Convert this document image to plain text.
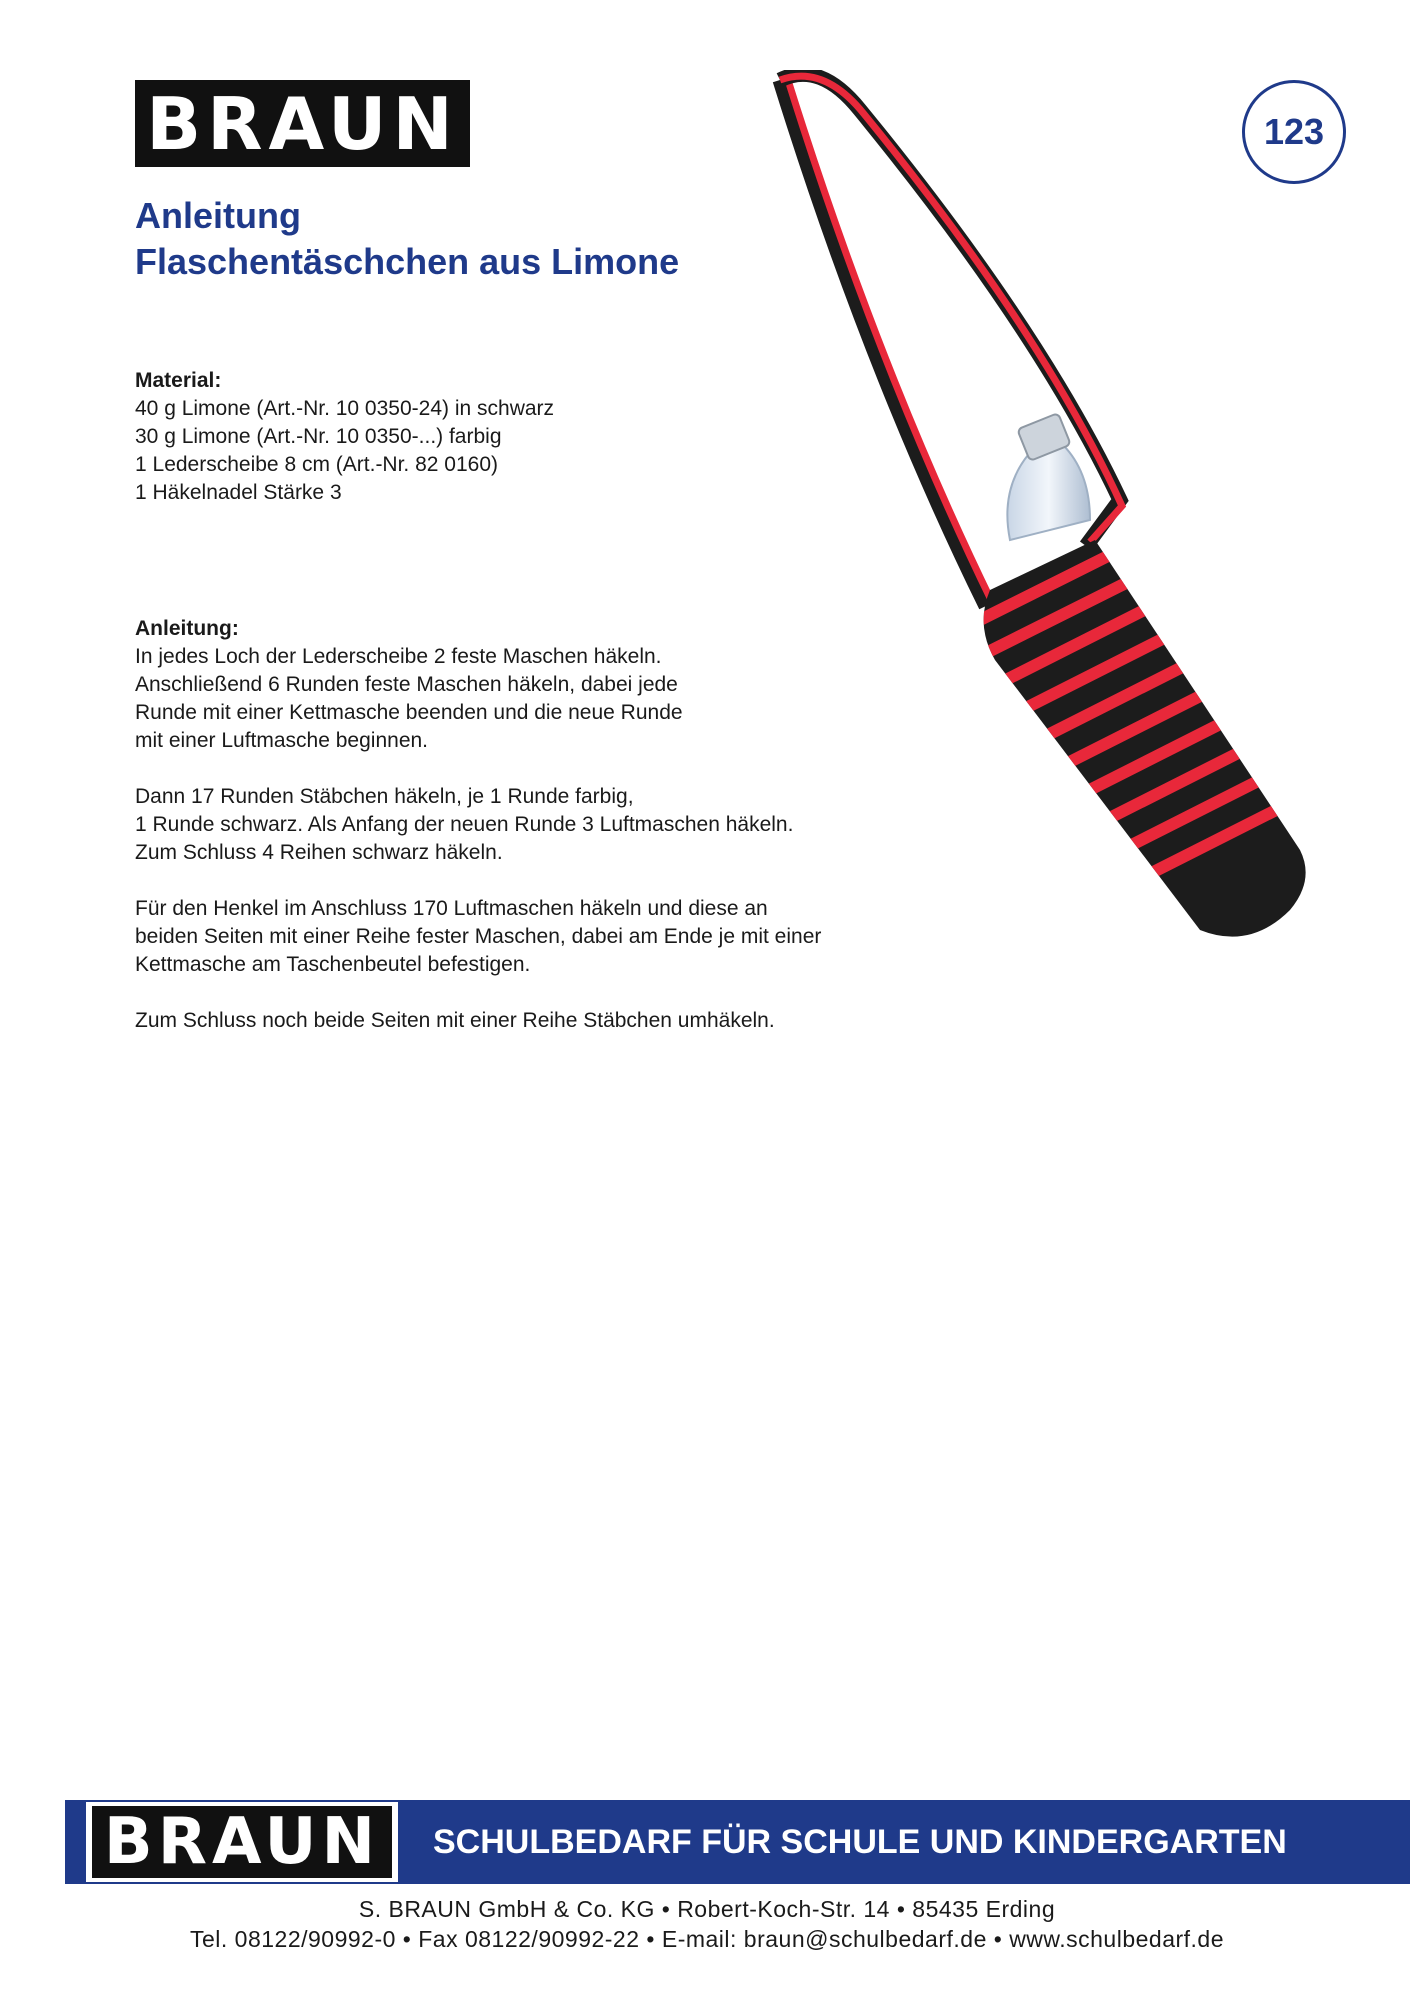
BRAUN	123
Anleitung
Flaschentäschchen aus Limone
Material:
40 g Limone (Art.-Nr. 10 0350-24) in schwarz
30 g Limone (Art.-Nr. 10 0350-...) farbig
1 Lederscheibe 8 cm (Art.-Nr. 82 0160)
1 Häkelnadel Stärke 3
Anleitung:
In jedes Loch der Lederscheibe 2 feste Maschen häkeln.
Anschließend 6 Runden feste Maschen häkeln, dabei jede
Runde mit einer Kettmasche beenden und die neue Runde
mit einer Luftmasche beginnen.
Dann 17 Runden Stäbchen häkeln, je 1 Runde farbig,
1 Runde schwarz. Als Anfang der neuen Runde 3 Luftmaschen häkeln.
Zum Schluss 4 Reihen schwarz häkeln.
Für den Henkel im Anschluss 170 Luftmaschen häkeln und diese an
beiden Seiten mit einer Reihe fester Maschen, dabei am Ende je mit einer
Kettmasche am Taschenbeutel befestigen.
Zum Schluss noch beide Seiten mit einer Reihe Stäbchen umhäkeln.
BRAUN SCHULBEDARF FÜR SCHULE UND KINDERGARTEN
S. BRAUN GmbH & Co. KG • Robert-Koch-Str. 14 • 85435 Erding
Tel. 08122/90992-0 • Fax 08122/90992-22 • E-mail: braun@schulbedarf.de • www.schulbedarf.de
